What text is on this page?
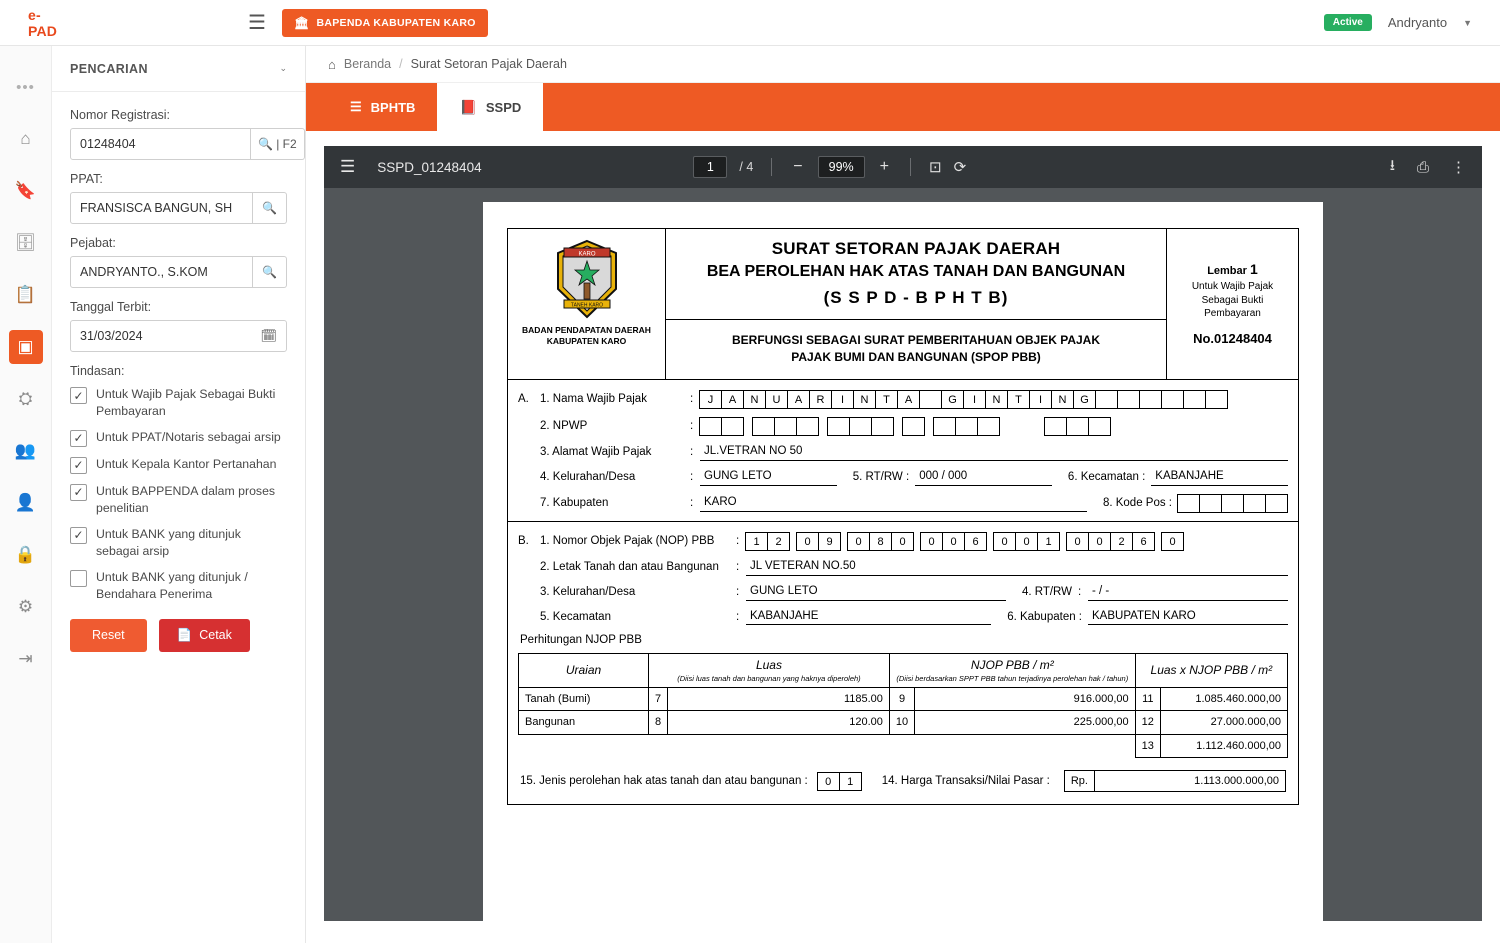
e-PAD	☰ 🏛 BAPENDA KABUPATEN KARO	Active	Andryanto ▼
•••
⌂
🔖
🗄
📋
▣
⛭
👥
👤
🔒
⚙
⇥
PENCARIAN	⌄
Nomor Registrasi:
01248404
🔍 | F2
PPAT:
FRANSISCA BANGUN, SH
🔍
Pejabat:
ANDRYANTO., S.KOM
🔍
Tanggal Terbit:
31/03/2024	🗓
Tindasan:
✓ Untuk Wajib Pajak Sebagai Bukti Pembayaran
✓ Untuk PPAT/Notaris sebagai arsip
✓ Untuk Kepala Kantor Pertanahan
✓ Untuk BAPPENDA dalam proses penelitian
✓ Untuk BANK yang ditunjuk sebagai arsip
Untuk BANK yang ditunjuk / Bendahara Penerima
Reset	📄 Cetak
⌂ Beranda / Surat Setoran Pajak Daerah
☰ BPHTB	📕 SSPD
☰ SSPD_01248404	1	/ 4	−	99%	+	⊡ ⟳	⭳ ⎙ ⋮
KARO
TANEH KARO
BADAN PENDAPATAN DAERAH
KABUPATEN KARO
SURAT SETORAN PAJAK DAERAH
BEA PEROLEHAN HAK ATAS TANAH DAN BANGUNAN
(S S P D - B P H T B)
BERFUNGSI SEBAGAI SURAT PEMBERITAHUAN OBJEK PAJAK
PAJAK BUMI DAN BANGUNAN (SPOP PBB)
Lembar 1
Untuk Wajib Pajak
Sebagai Bukti
Pembayaran
No.01248404
A. 1. Nama Wajib Pajak	:	J	A	N	U	A	R	I	N	T	A	G	I	N	T	I	N	G
2. NPWP	:
3. Alamat Wajib Pajak	: JL.VETRAN NO 50
4. Kelurahan/Desa	: GUNG LETO	5. RT/RW : 000 / 000	6. Kecamatan : KABANJAHE
7. Kabupaten	: KARO	8. Kode Pos :
B. 1. Nomor Objek Pajak (NOP) PBB	:	1	2	0	9	0	8	0	0	0	6	0	0	1	0	0	2	6	0
2. Letak Tanah dan atau Bangunan	: JL VETERAN NO.50
3. Kelurahan/Desa	: GUNG LETO	4. RT/RW : - / -
5. Kecamatan	: KABANJAHE	6. Kabupaten : KABUPATEN KARO
Perhitungan NJOP PBB
Uraian	Luas
(Diisi luas tanah dan bangunan yang haknya diperoleh)		NJOP PBB / m²
(Diisi berdasarkan SPPT PBB tahun terjadinya perolehan hak / tahun)		Luas x NJOP PBB / m²	
Tanah (Bumi)	7	1185.00	9	916.000,00	11	1.085.460.000,00
Bangunan	8	120.00	10	225.000,00	12	27.000.000,00
					13	1.112.460.000,00
15. Jenis perolehan hak atas tanah dan atau bangunan :	0	1	14. Harga Transaksi/Nilai Pasar :	Rp.	1.113.000.000,00
